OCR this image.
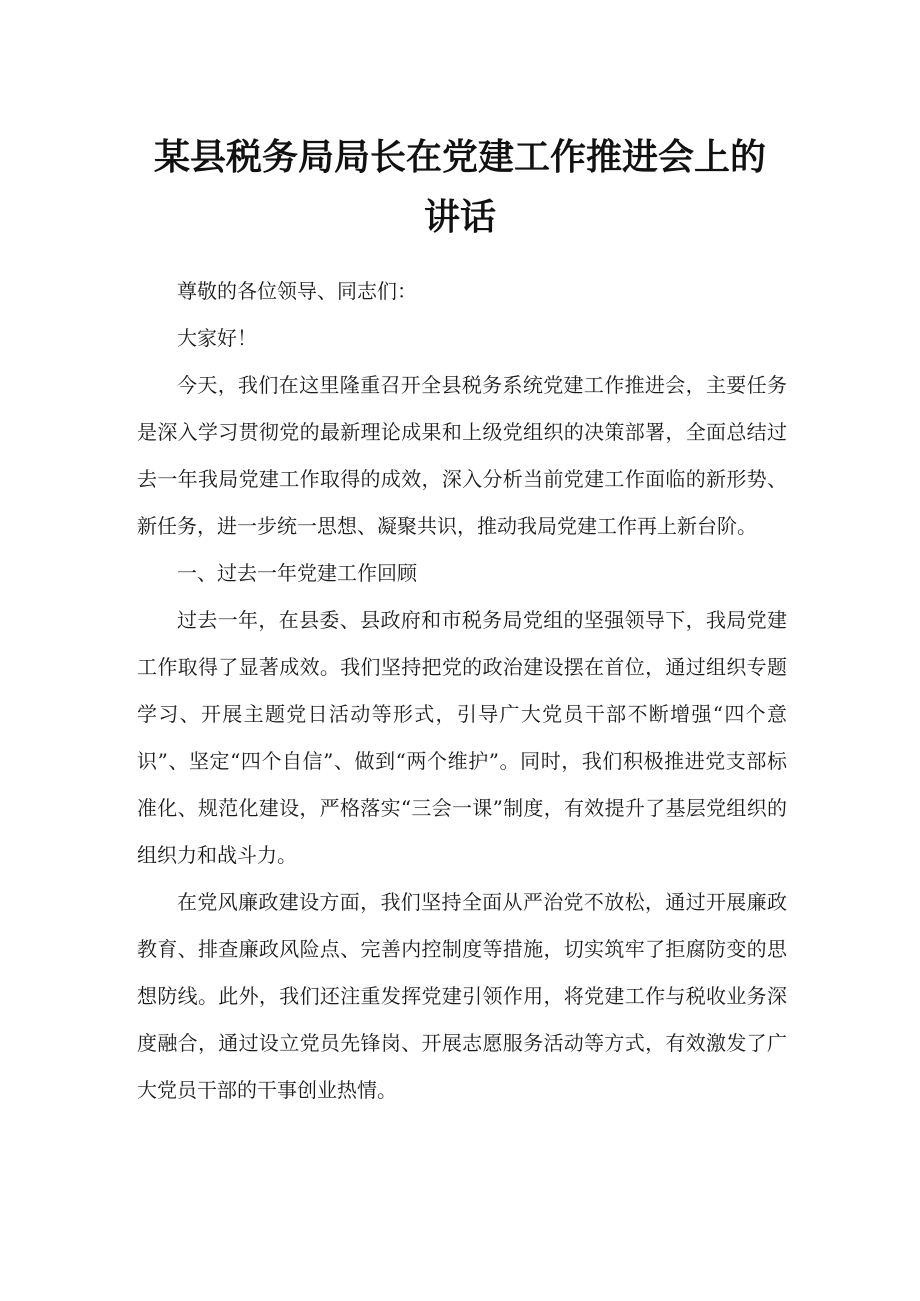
某县税务局局长在党建工作推进会上的
讲话

尊敬的各位领导、同志们：

大家好！

今天，我们在这里隆重召开全县税务系统党建工作推进会，主要任务是深入学习贯彻党的最新理论成果和上级党组织的决策部署，全面总结过去一年我局党建工作取得的成效，深入分析当前党建工作面临的新形势、新任务，进一步统一思想、凝聚共识，推动我局党建工作再上新台阶。

一、过去一年党建工作回顾

过去一年，在县委、县政府和市税务局党组的坚强领导下，我局党建工作取得了显著成效。我们坚持把党的政治建设摆在首位，通过组织专题学习、开展主题党日活动等形式，引导广大党员干部不断增强“四个意识”、坚定“四个自信”、做到“两个维护”。同时，我们积极推进党支部标准化、规范化建设，严格落实“三会一课”制度，有效提升了基层党组织的组织力和战斗力。

在党风廉政建设方面，我们坚持全面从严治党不放松，通过开展廉政教育、排查廉政风险点、完善内控制度等措施，切实筑牢了拒腐防变的思想防线。此外，我们还注重发挥党建引领作用，将党建工作与税收业务深度融合，通过设立党员先锋岗、开展志愿服务活动等方式，有效激发了广大党员干部的干事创业热情。
